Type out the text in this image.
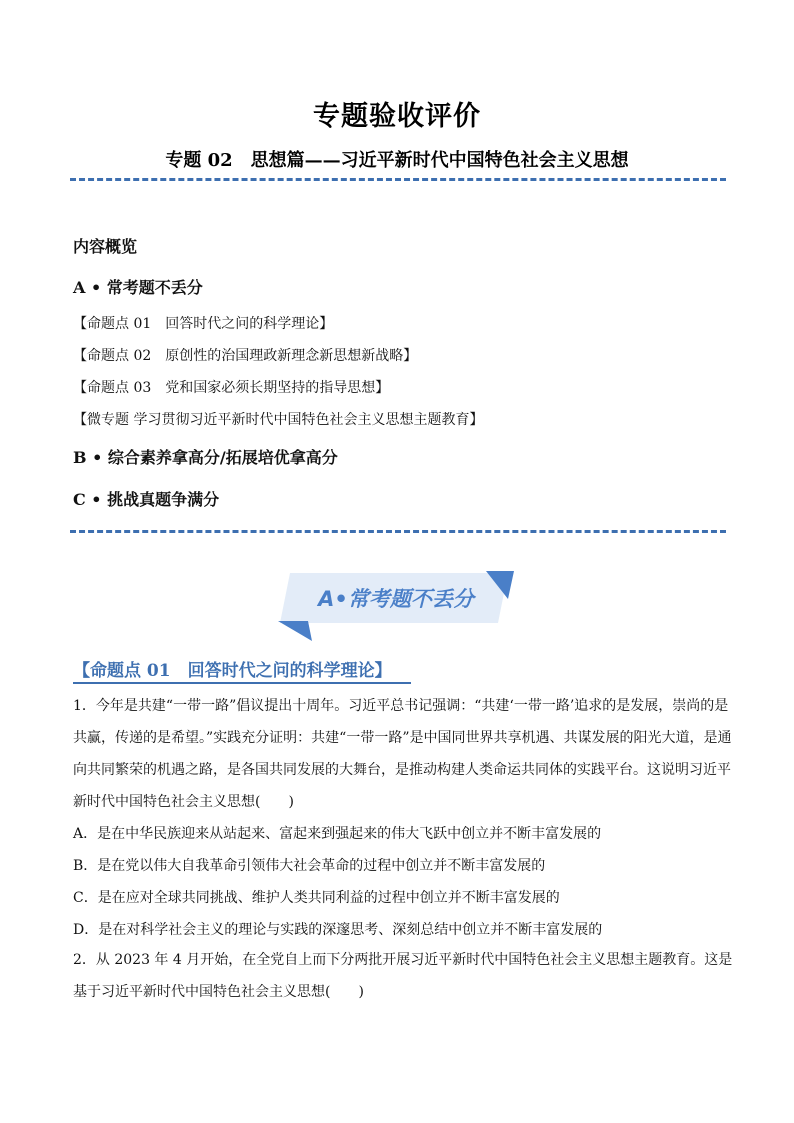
专题验收评价
专题 02　思想篇——习近平新时代中国特色社会主义思想
内容概览
A • 常考题不丢分
【命题点 01　回答时代之问的科学理论】
【命题点 02　原创性的治国理政新理念新思想新战略】
【命题点 03　党和国家必须长期坚持的指导思想】
【微专题 学习贯彻习近平新时代中国特色社会主义思想主题教育】
B • 综合素养拿高分/拓展培优拿高分
C • 挑战真题争满分
A•常考题不丢分
【命题点 01　回答时代之问的科学理论】
1．今年是共建“一带一路”倡议提出十周年。习近平总书记强调：“共建‘一带一路’追求的是发展，崇尚的是共赢，传递的是希望。”实践充分证明：共建“一带一路”是中国同世界共享机遇、共谋发展的阳光大道，是通向共同繁荣的机遇之路，是各国共同发展的大舞台，是推动构建人类命运共同体的实践平台。这说明习近平新时代中国特色社会主义思想(　　)
A．是在中华民族迎来从站起来、富起来到强起来的伟大飞跃中创立并不断丰富发展的
B．是在党以伟大自我革命引领伟大社会革命的过程中创立并不断丰富发展的
C．是在应对全球共同挑战、维护人类共同利益的过程中创立并不断丰富发展的
D．是在对科学社会主义的理论与实践的深邃思考、深刻总结中创立并不断丰富发展的
2．从 2023 年 4 月开始，在全党自上而下分两批开展习近平新时代中国特色社会主义思想主题教育。这是基于习近平新时代中国特色社会主义思想(　　)
